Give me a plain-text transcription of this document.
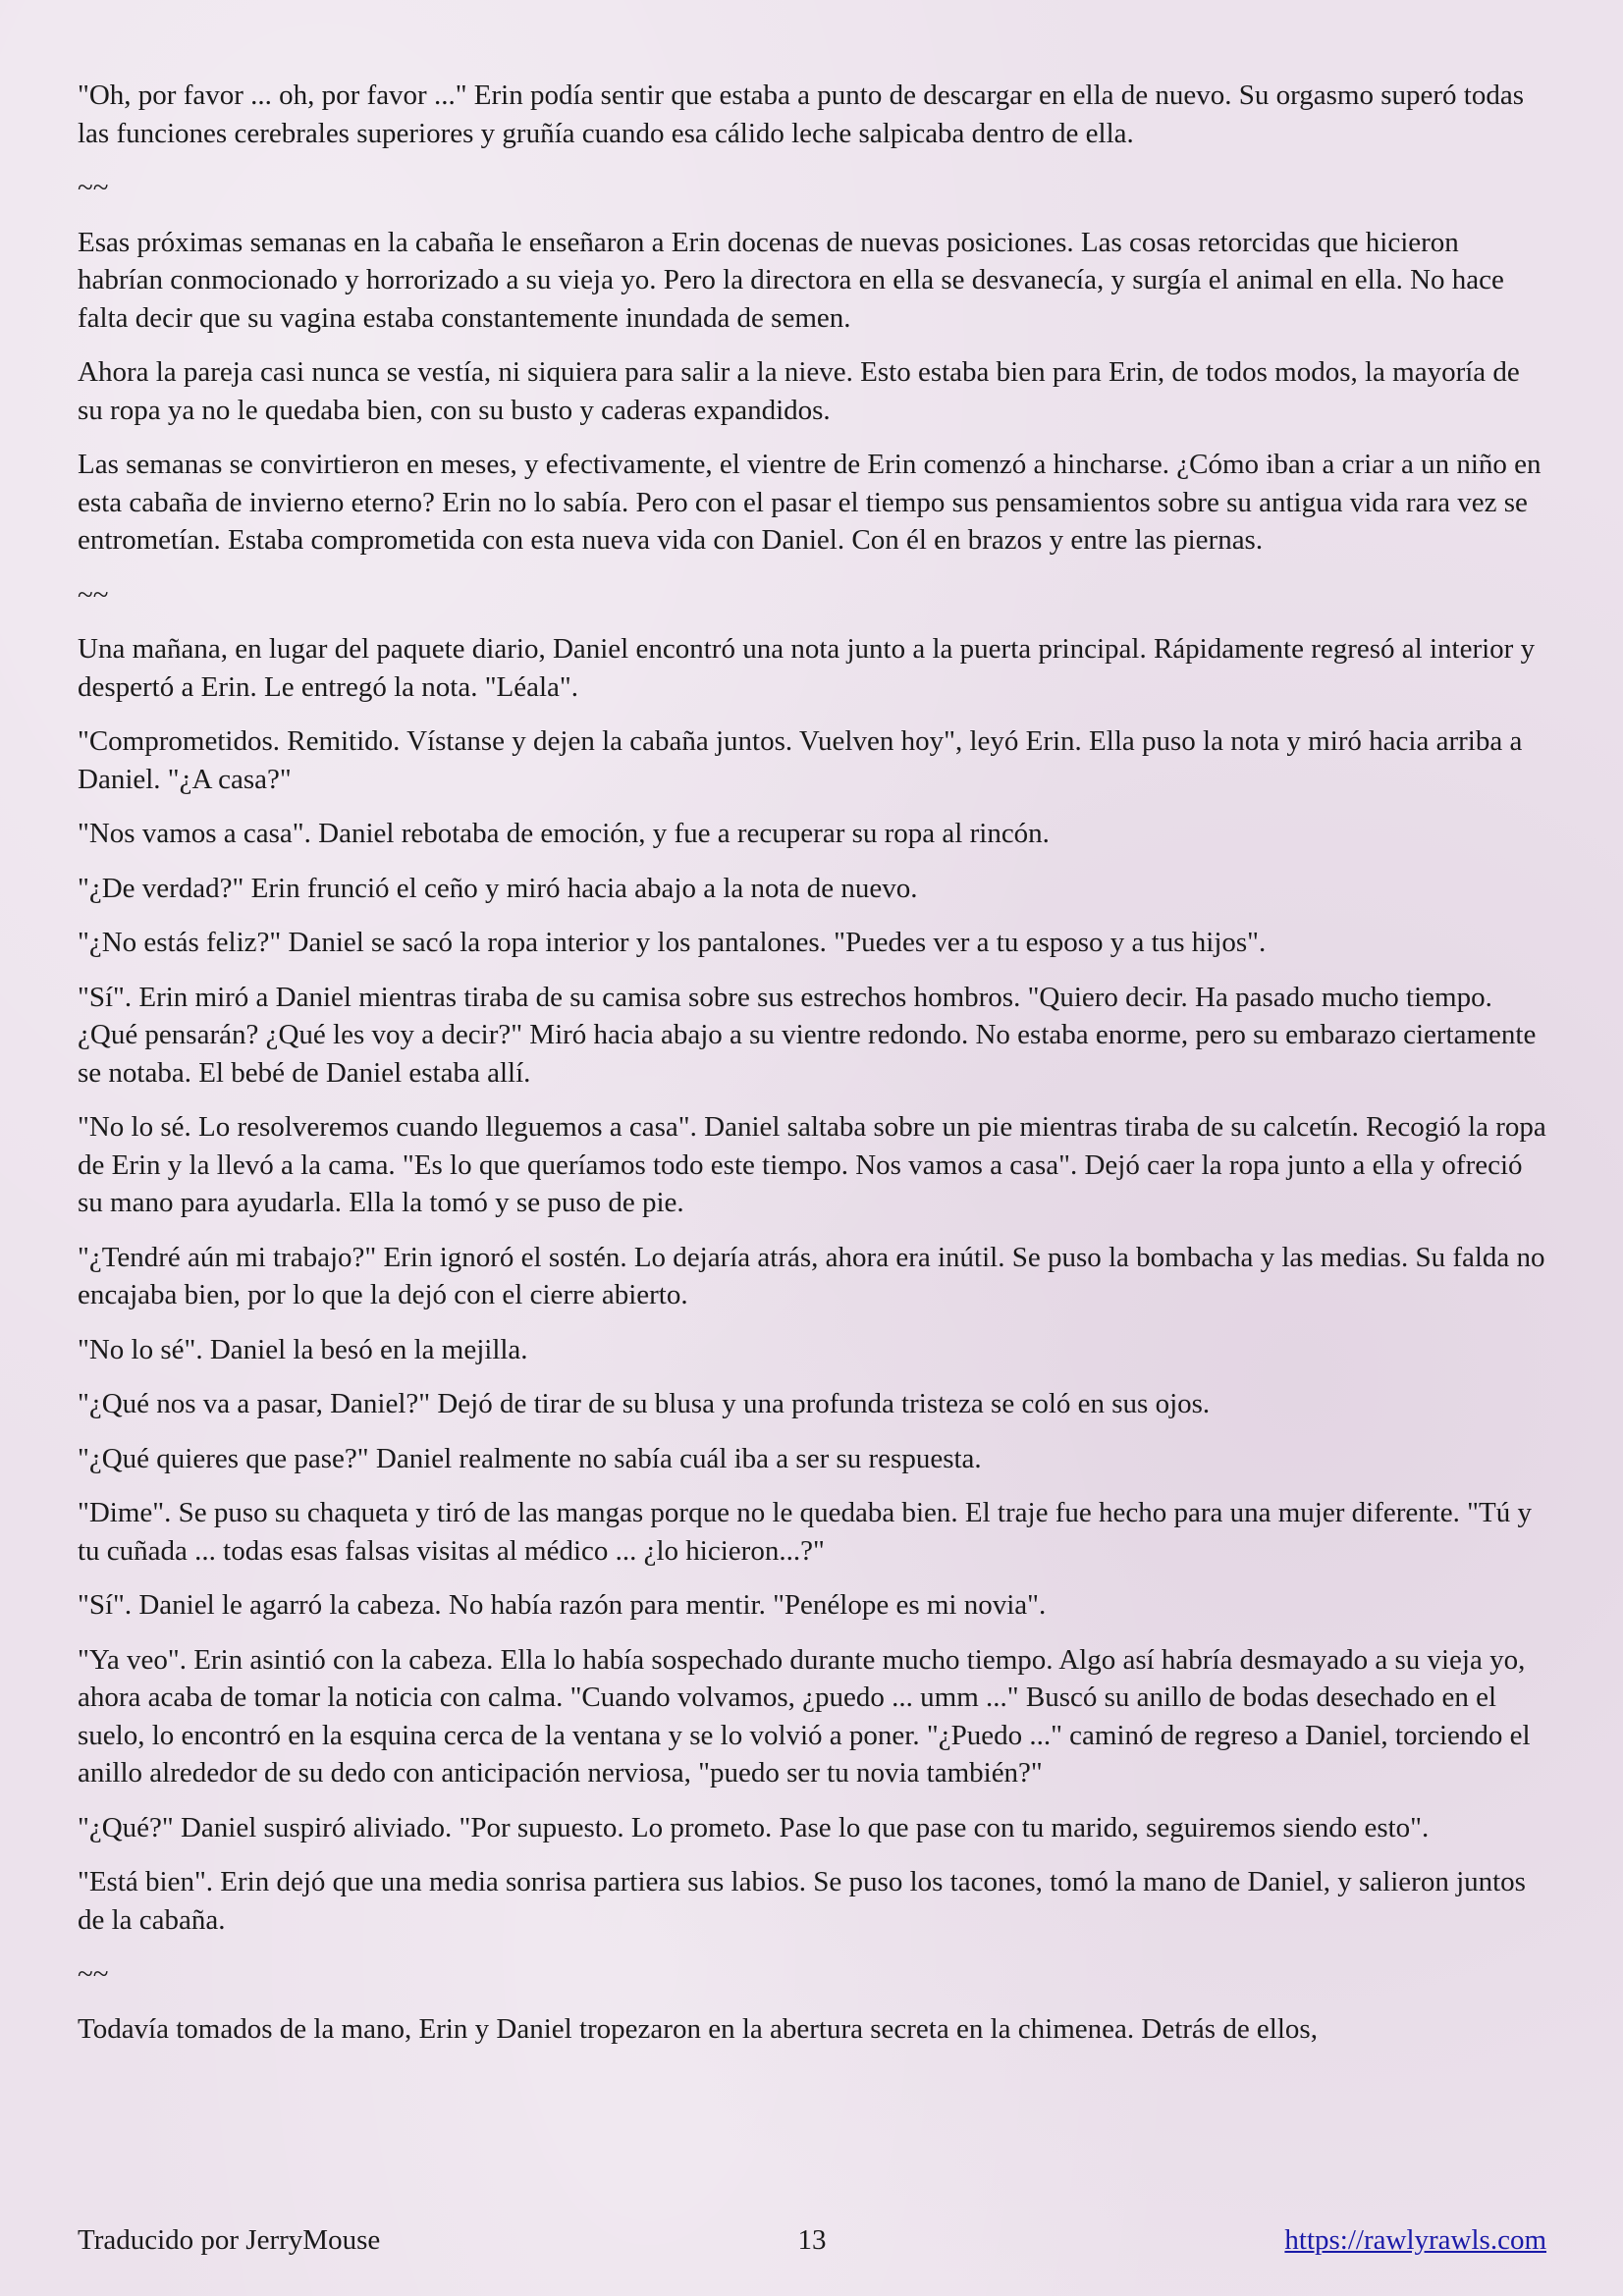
"Oh, por favor ... oh, por favor ..." Erin podía sentir que estaba a punto de descargar en ella de nuevo. Su orgasmo superó todas las funciones cerebrales superiores y gruñía cuando esa cálido leche salpicaba dentro de ella.

~~

Esas próximas semanas en la cabaña le enseñaron a Erin docenas de nuevas posiciones. Las cosas retorcidas que hicieron habrían conmocionado y horrorizado a su vieja yo. Pero la directora en ella se desvanecía, y surgía el animal en ella. No hace falta decir que su vagina estaba constantemente inundada de semen.

Ahora la pareja casi nunca se vestía, ni siquiera para salir a la nieve. Esto estaba bien para Erin, de todos modos, la mayoría de su ropa ya no le quedaba bien, con su busto y caderas expandidos.

Las semanas se convirtieron en meses, y efectivamente, el vientre de Erin comenzó a hincharse. ¿Cómo iban a criar a un niño en esta cabaña de invierno eterno? Erin no lo sabía. Pero con el pasar el tiempo sus pensamientos sobre su antigua vida rara vez se entrometían. Estaba comprometida con esta nueva vida con Daniel. Con él en brazos y entre las piernas.

~~

Una mañana, en lugar del paquete diario, Daniel encontró una nota junto a la puerta principal. Rápidamente regresó al interior y despertó a Erin. Le entregó la nota. "Léala".

"Comprometidos. Remitido. Vístanse y dejen la cabaña juntos. Vuelven hoy", leyó Erin. Ella puso la nota y miró hacia arriba a Daniel. "¿A casa?"

"Nos vamos a casa". Daniel rebotaba de emoción, y fue a recuperar su ropa al rincón.

"¿De verdad?" Erin frunció el ceño y miró hacia abajo a la nota de nuevo.

"¿No estás feliz?" Daniel se sacó la ropa interior y los pantalones. "Puedes ver a tu esposo y a tus hijos".

"Sí". Erin miró a Daniel mientras tiraba de su camisa sobre sus estrechos hombros. "Quiero decir. Ha pasado mucho tiempo. ¿Qué pensarán? ¿Qué les voy a decir?" Miró hacia abajo a su vientre redondo. No estaba enorme, pero su embarazo ciertamente se notaba. El bebé de Daniel estaba allí.

"No lo sé. Lo resolveremos cuando lleguemos a casa". Daniel saltaba sobre un pie mientras tiraba de su calcetín. Recogió la ropa de Erin y la llevó a la cama. "Es lo que queríamos todo este tiempo. Nos vamos a casa". Dejó caer la ropa junto a ella y ofreció su mano para ayudarla. Ella la tomó y se puso de pie.

"¿Tendré aún mi trabajo?" Erin ignoró el sostén. Lo dejaría atrás, ahora era inútil. Se puso la bombacha y las medias. Su falda no encajaba bien, por lo que la dejó con el cierre abierto.

"No lo sé". Daniel la besó en la mejilla.

"¿Qué nos va a pasar, Daniel?" Dejó de tirar de su blusa y una profunda tristeza se coló en sus ojos.

"¿Qué quieres que pase?" Daniel realmente no sabía cuál iba a ser su respuesta.

"Dime". Se puso su chaqueta y tiró de las mangas porque no le quedaba bien. El traje fue hecho para una mujer diferente. "Tú y tu cuñada ... todas esas falsas visitas al médico ... ¿lo hicieron...?"

"Sí". Daniel le agarró la cabeza. No había razón para mentir. "Penélope es mi novia".

"Ya veo". Erin asintió con la cabeza. Ella lo había sospechado durante mucho tiempo. Algo así habría desmayado a su vieja yo, ahora acaba de tomar la noticia con calma. "Cuando volvamos, ¿puedo ... umm ..." Buscó su anillo de bodas desechado en el suelo, lo encontró en la esquina cerca de la ventana y se lo volvió a poner. "¿Puedo ..." caminó de regreso a Daniel, torciendo el anillo alrededor de su dedo con anticipación nerviosa, "puedo ser tu novia también?"

"¿Qué?" Daniel suspiró aliviado. "Por supuesto. Lo prometo. Pase lo que pase con tu marido, seguiremos siendo esto".

"Está bien". Erin dejó que una media sonrisa partiera sus labios. Se puso los tacones, tomó la mano de Daniel, y salieron juntos de la cabaña.

~~

Todavía tomados de la mano, Erin y Daniel tropezaron en la abertura secreta en la chimenea. Detrás de ellos,

Traducido por JerryMouse	13	https://rawlyrawls.com
